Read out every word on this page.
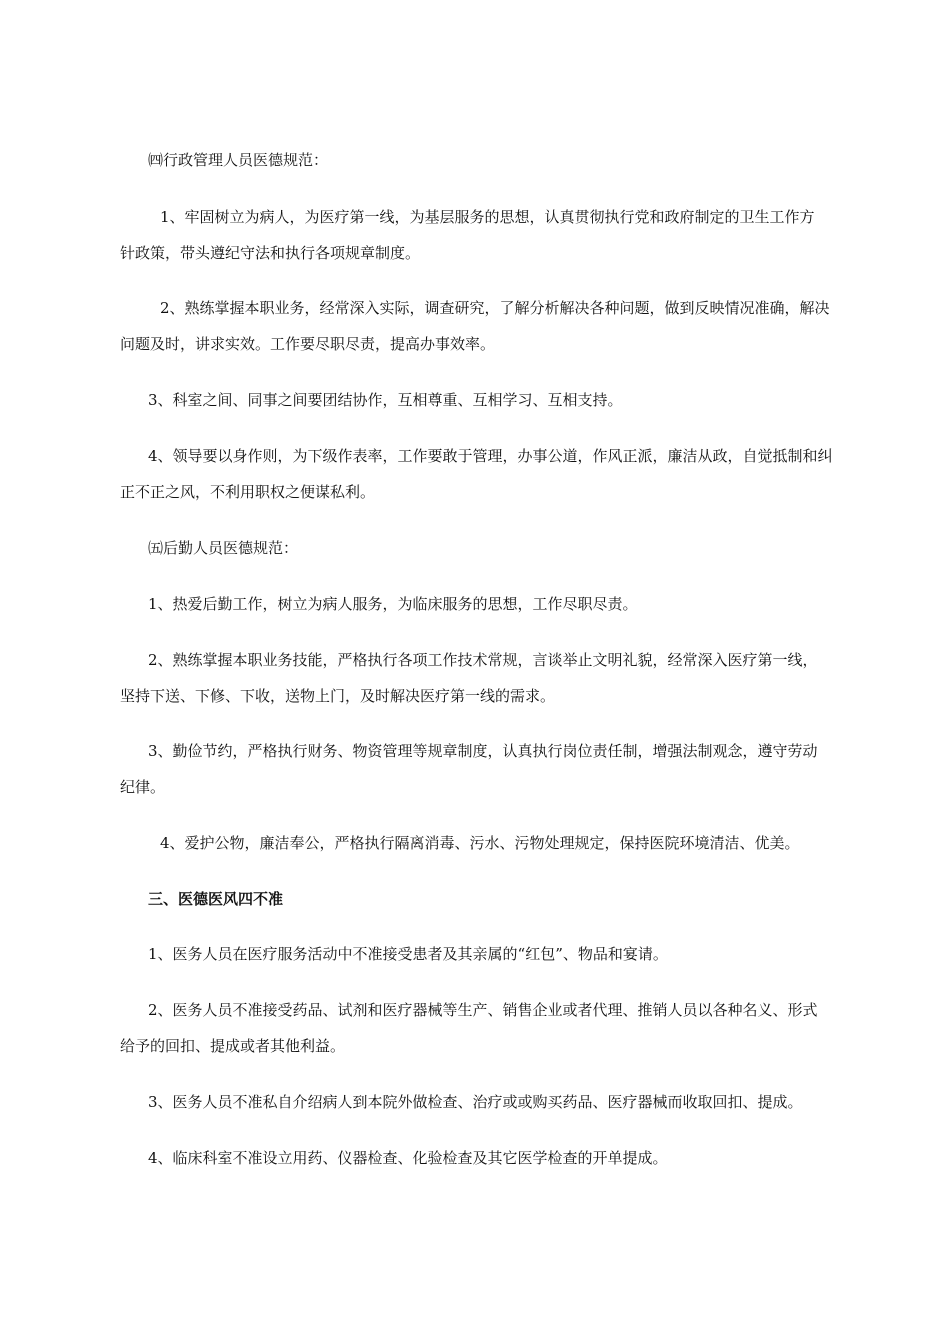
㈣行政管理人员医德规范：
1、牢固树立为病人，为医疗第一线，为基层服务的思想，认真贯彻执行党和政府制定的卫生工作方
针政策，带头遵纪守法和执行各项规章制度。
2、熟练掌握本职业务，经常深入实际，调查研究，了解分析解决各种问题，做到反映情况准确，解决
问题及时，讲求实效。工作要尽职尽责，提高办事效率。
3、科室之间、同事之间要团结协作，互相尊重、互相学习、互相支持。
4、领导要以身作则，为下级作表率，工作要敢于管理，办事公道，作风正派，廉洁从政，自觉抵制和纠
正不正之风，不利用职权之便谋私利。
㈤后勤人员医德规范：
1、热爱后勤工作，树立为病人服务，为临床服务的思想，工作尽职尽责。
2、熟练掌握本职业务技能，严格执行各项工作技术常规，言谈举止文明礼貌，经常深入医疗第一线，
坚持下送、下修、下收，送物上门，及时解决医疗第一线的需求。
3、勤俭节约，严格执行财务、物资管理等规章制度，认真执行岗位责任制，增强法制观念，遵守劳动
纪律。
4、爱护公物，廉洁奉公，严格执行隔离消毒、污水、污物处理规定，保持医院环境清洁、优美。
三、医德医风四不准
1、医务人员在医疗服务活动中不准接受患者及其亲属的“红包”、物品和宴请。
2、医务人员不准接受药品、试剂和医疗器械等生产、销售企业或者代理、推销人员以各种名义、形式
给予的回扣、提成或者其他利益。
3、医务人员不准私自介绍病人到本院外做检查、治疗或或购买药品、医疗器械而收取回扣、提成。
4、临床科室不准设立用药、仪器检查、化验检查及其它医学检查的开单提成。
